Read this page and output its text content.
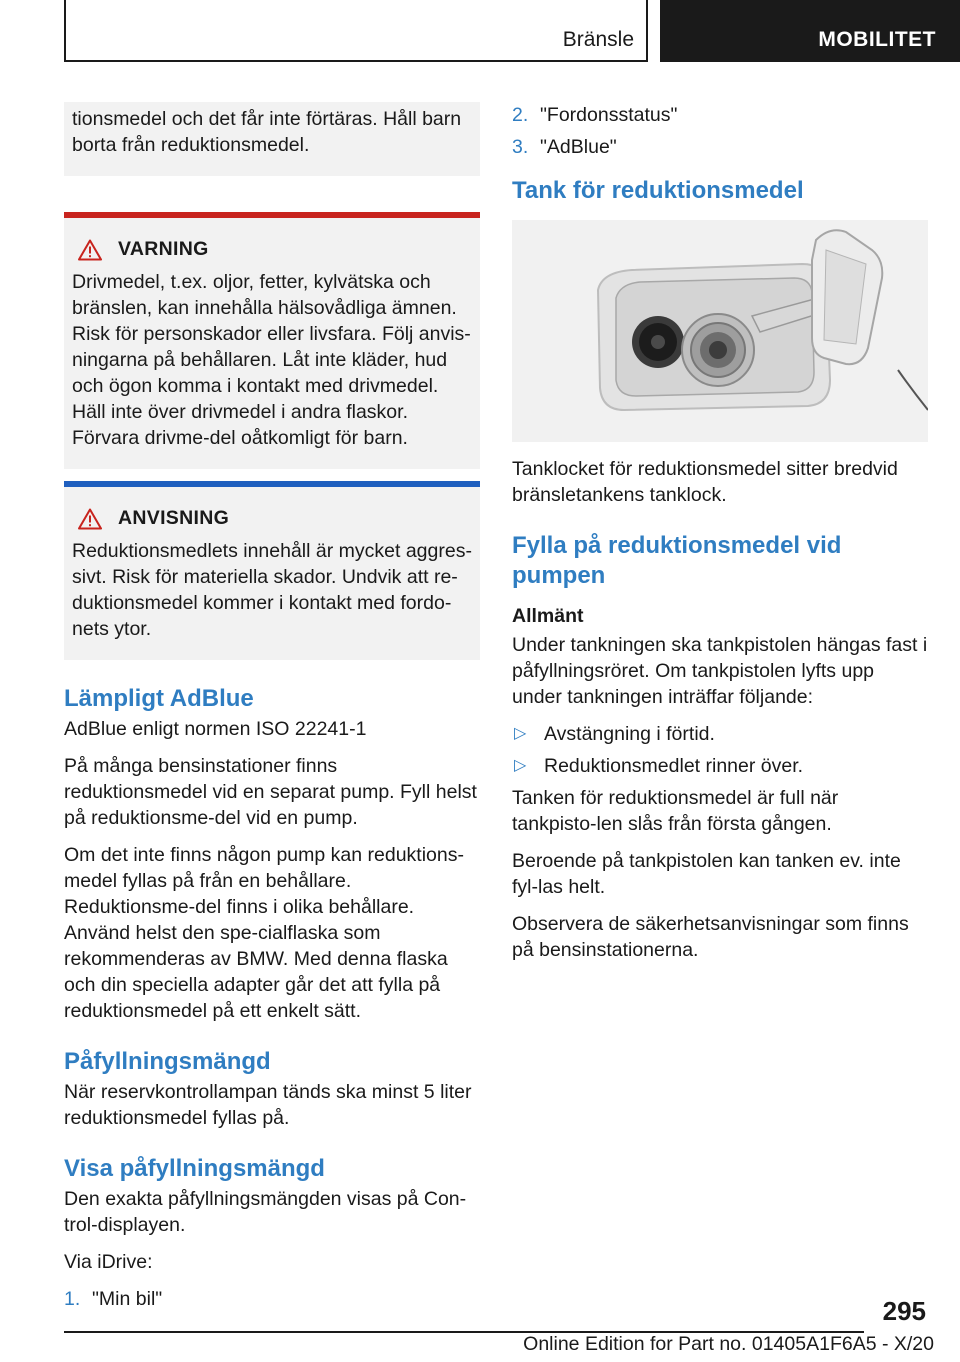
Bränsle	MOBILITET

tionsmedel och det får inte förtäras. Håll barn borta från reduktionsmedel.

VARNING

Drivmedel, t.ex. oljor, fetter, kylvätska och bränslen, kan innehålla hälsovådliga ämnen. Risk för personskador eller livsfara. Följ anvis-ningarna på behållaren. Låt inte kläder, hud och ögon komma i kontakt med drivmedel. Häll inte över drivmedel i andra flaskor. Förvara drivme-del oåtkomligt för barn.

ANVISNING

Reduktionsmedlets innehåll är mycket aggres-sivt. Risk för materiella skador. Undvik att re-duktionsmedel kommer i kontakt med fordo-nets ytor.

Lämpligt AdBlue

AdBlue enligt normen ISO 22241-1

På många bensinstationer finns reduktionsmedel vid en separat pump. Fyll helst på reduktionsme-del vid en pump.

Om det inte finns någon pump kan reduktions-medel fyllas på från en behållare. Reduktionsme-del finns i olika behållare. Använd helst den spe-cialflaska som rekommenderas av BMW. Med denna flaska och din speciella adapter går det att fylla på reduktionsmedel på ett enkelt sätt.

Påfyllningsmängd

När reservkontrollampan tänds ska minst 5 liter reduktionsmedel fyllas på.

Visa påfyllningsmängd

Den exakta påfyllningsmängden visas på Con-trol-displayen.

Via iDrive:

1. "Min bil"
2. "Fordonsstatus"
3. "AdBlue"
Tank för reduktionsmedel

Tanklocket för reduktionsmedel sitter bredvid bränsletankens tanklock.

Fylla på reduktionsmedel vid pumpen
Allmänt

Under tankningen ska tankpistolen hängas fast i påfyllningsröret. Om tankpistolen lyfts upp under tankningen inträffar följande:

▷ Avstängning i förtid.
▷ Reduktionsmedlet rinner över.

Tanken för reduktionsmedel är full när tankpisto-len slås från första gången.

Beroende på tankpistolen kan tanken ev. inte fyl-las helt.

Observera de säkerhetsanvisningar som finns på bensinstationerna.

295
Online Edition for Part no. 01405A1F6A5 - X/20
